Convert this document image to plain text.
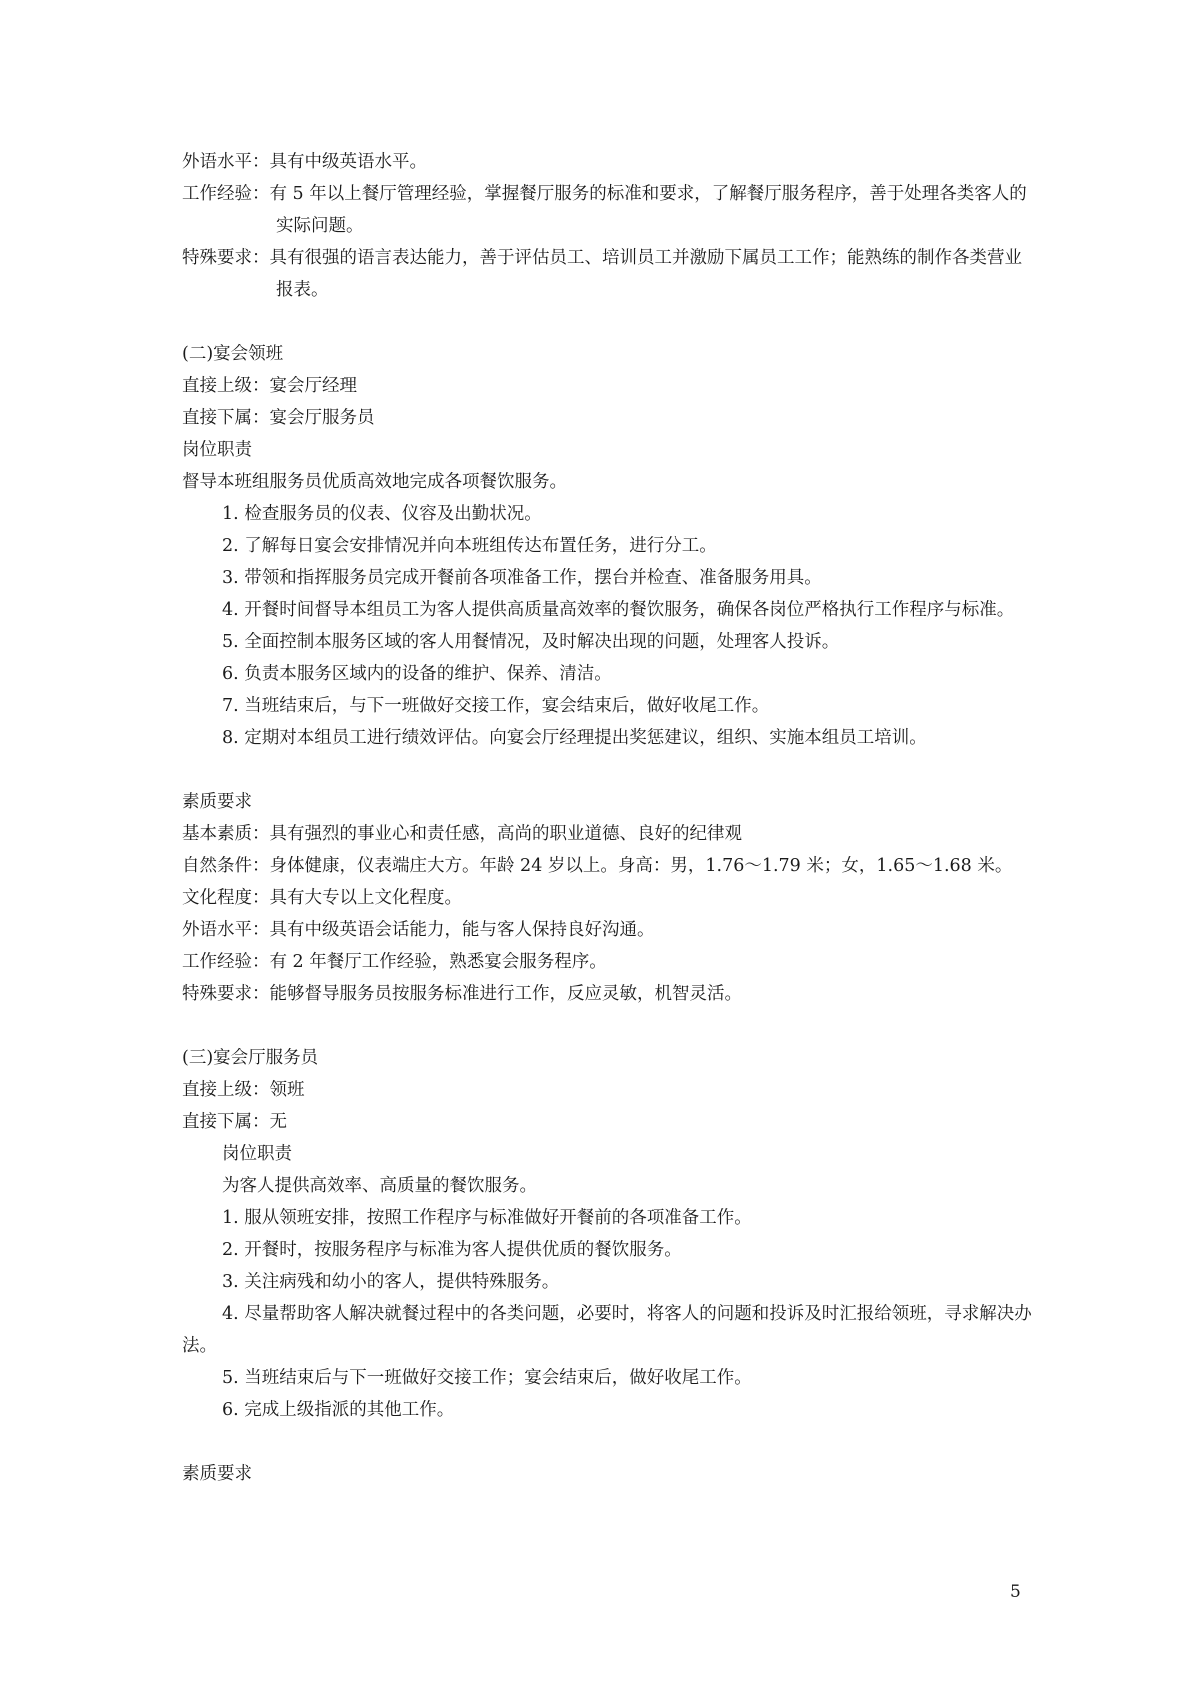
外语水平：具有中级英语水平。

工作经验：有 5 年以上餐厅管理经验，掌握餐厅服务的标准和要求，了解餐厅服务程序，善于处理各类客人的实际问题。

特殊要求：具有很强的语言表达能力，善于评估员工、培训员工并激励下属员工工作；能熟练的制作各类营业报表。

(二)宴会领班

直接上级：宴会厅经理

直接下属：宴会厅服务员

岗位职责

督导本班组服务员优质高效地完成各项餐饮服务。

1. 检查服务员的仪表、仪容及出勤状况。

2. 了解每日宴会安排情况并向本班组传达布置任务，进行分工。

3. 带领和指挥服务员完成开餐前各项准备工作，摆台并检查、准备服务用具。

4. 开餐时间督导本组员工为客人提供高质量高效率的餐饮服务，确保各岗位严格执行工作程序与标准。

5. 全面控制本服务区域的客人用餐情况，及时解决出现的问题，处理客人投诉。

6. 负责本服务区域内的设备的维护、保养、清洁。

7. 当班结束后，与下一班做好交接工作，宴会结束后，做好收尾工作。

8. 定期对本组员工进行绩效评估。向宴会厅经理提出奖惩建议，组织、实施本组员工培训。

素质要求

基本素质：具有强烈的事业心和责任感，高尚的职业道德、良好的纪律观

自然条件：身体健康，仪表端庄大方。年龄 24 岁以上。身高：男，1.76～1.79 米；女，1.65～1.68 米。

文化程度：具有大专以上文化程度。

外语水平：具有中级英语会话能力，能与客人保持良好沟通。

工作经验：有 2 年餐厅工作经验，熟悉宴会服务程序。

特殊要求：能够督导服务员按服务标准进行工作，反应灵敏，机智灵活。

(三)宴会厅服务员

直接上级：领班

直接下属：无

岗位职责

为客人提供高效率、高质量的餐饮服务。

1. 服从领班安排，按照工作程序与标准做好开餐前的各项准备工作。

2. 开餐时，按服务程序与标准为客人提供优质的餐饮服务。

3. 关注病残和幼小的客人，提供特殊服务。

4. 尽量帮助客人解决就餐过程中的各类问题，必要时，将客人的问题和投诉及时汇报给领班，寻求解决办法。

5. 当班结束后与下一班做好交接工作；宴会结束后，做好收尾工作。

6. 完成上级指派的其他工作。

素质要求

5
